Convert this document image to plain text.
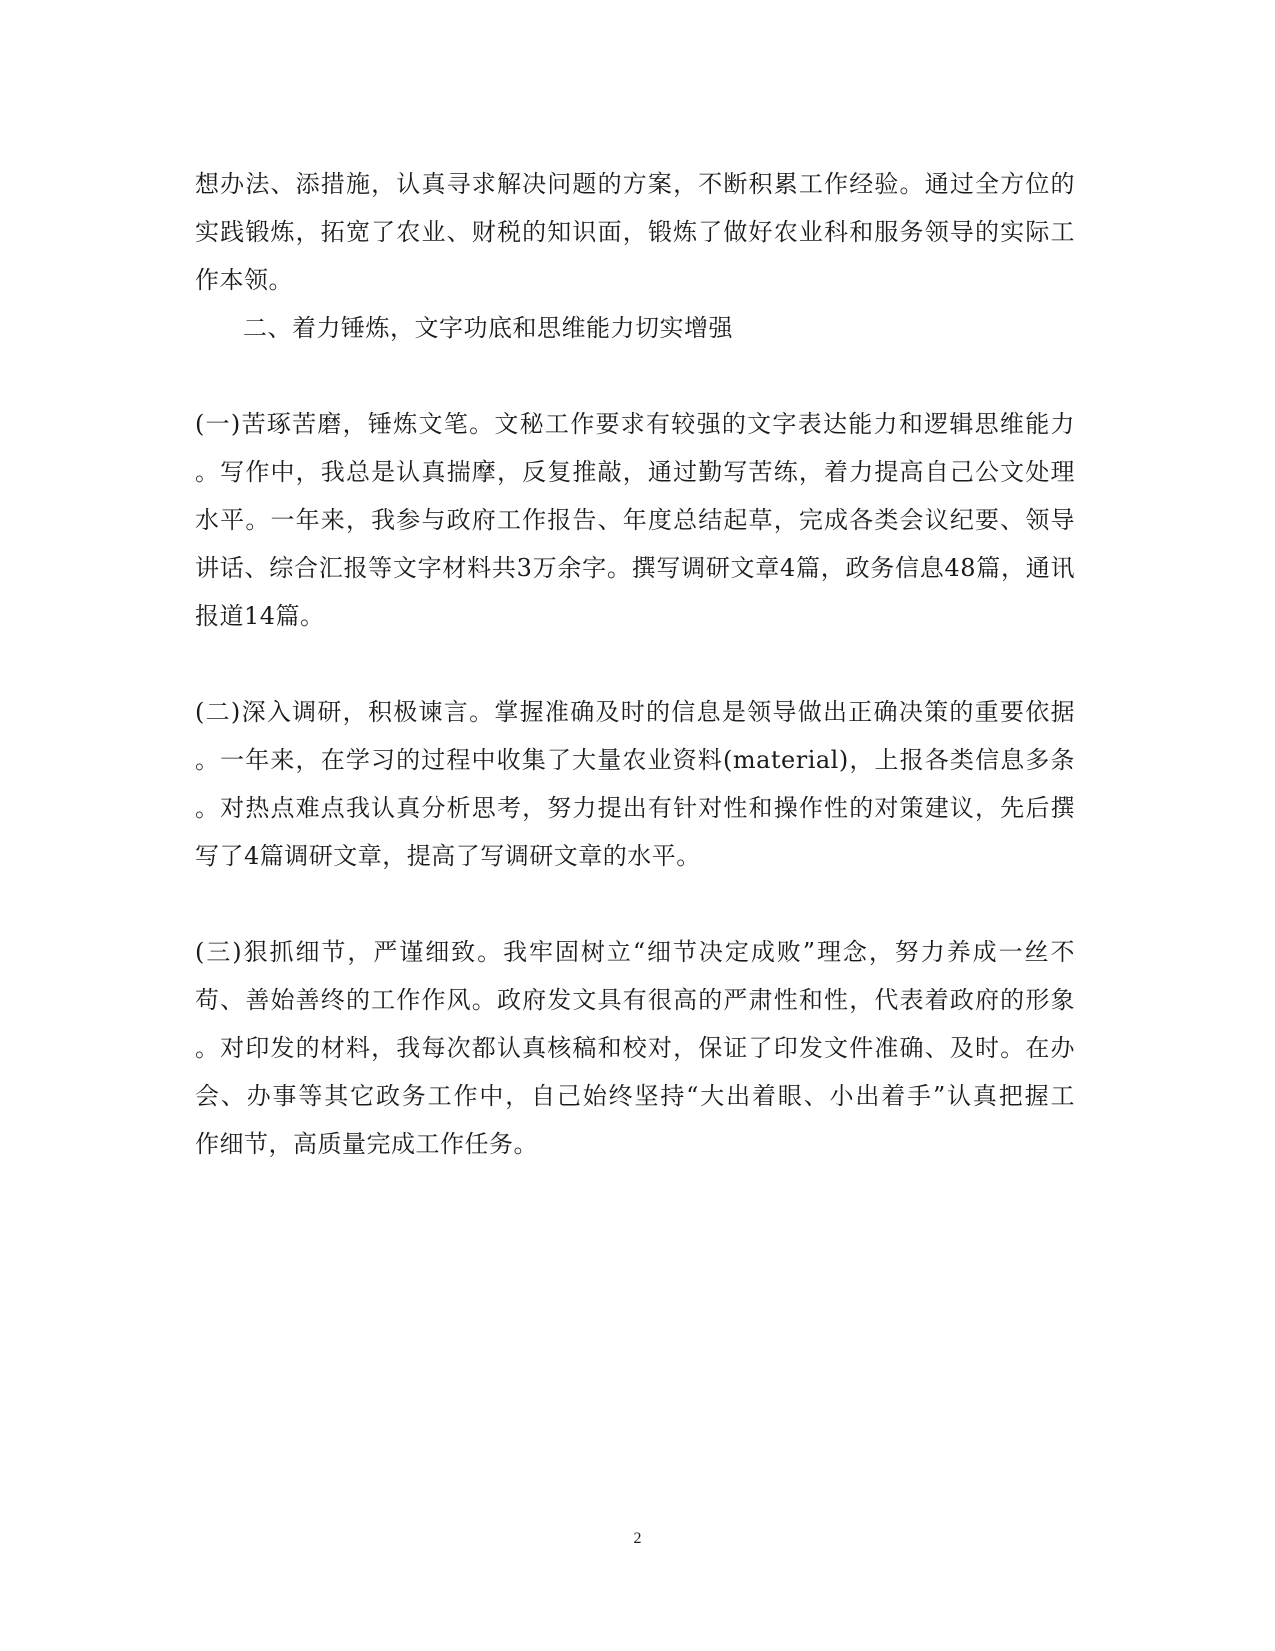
想办法、添措施，认真寻求解决问题的方案，不断积累工作经验。通过全方位的
实践锻炼，拓宽了农业、财税的知识面，锻炼了做好农业科和服务领导的实际工
作本领。
二、着力锤炼，文字功底和思维能力切实增强
(一)苦琢苦磨，锤炼文笔。文秘工作要求有较强的文字表达能力和逻辑思维能力
。写作中，我总是认真揣摩，反复推敲，通过勤写苦练，着力提高自己公文处理
水平。一年来，我参与政府工作报告、年度总结起草，完成各类会议纪要、领导
讲话、综合汇报等文字材料共3万余字。撰写调研文章4篇，政务信息48篇，通讯
报道14篇。
(二)深入调研，积极谏言。掌握准确及时的信息是领导做出正确决策的重要依据
。一年来，在学习的过程中收集了大量农业资料(material)，上报各类信息多条
。对热点难点我认真分析思考，努力提出有针对性和操作性的对策建议，先后撰
写了4篇调研文章，提高了写调研文章的水平。
(三)狠抓细节，严谨细致。我牢固树立“细节决定成败”理念，努力养成一丝不
苟、善始善终的工作作风。政府发文具有很高的严肃性和性，代表着政府的形象
。对印发的材料，我每次都认真核稿和校对，保证了印发文件准确、及时。在办
会、办事等其它政务工作中，自己始终坚持“大出着眼、小出着手”认真把握工
作细节，高质量完成工作任务。
2
